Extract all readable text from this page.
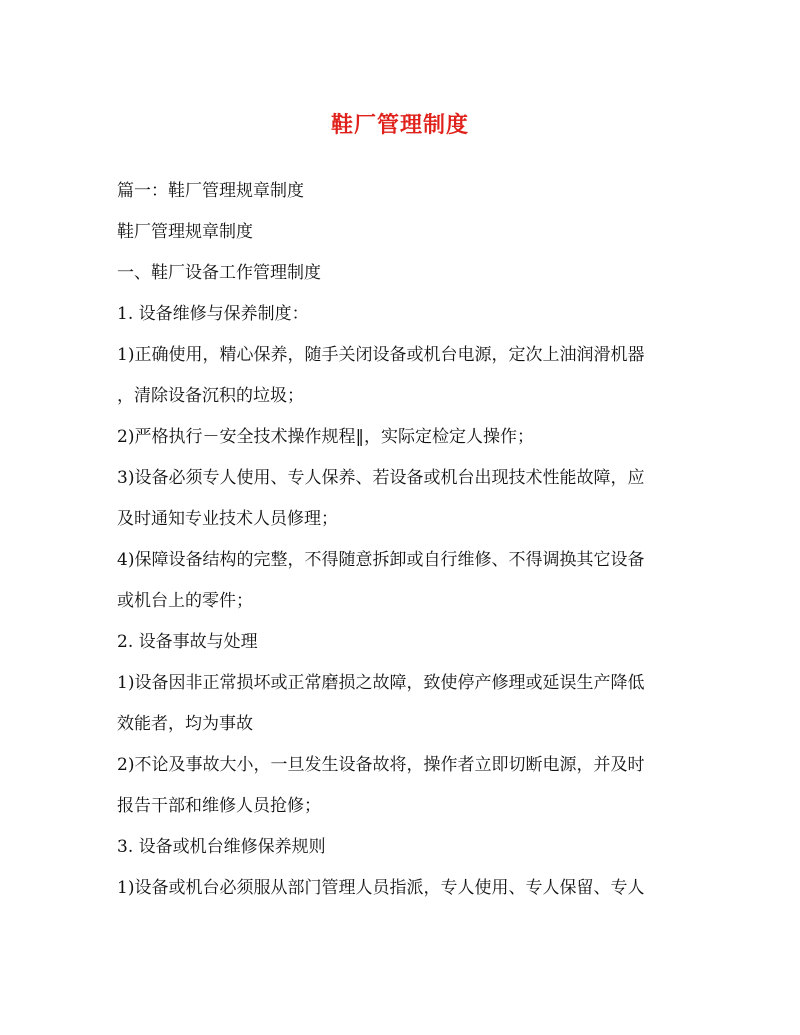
鞋厂管理制度
篇一：鞋厂管理规章制度
鞋厂管理规章制度
一、鞋厂设备工作管理制度
1. 设备维修与保养制度：
1)正确使用，精心保养，随手关闭设备或机台电源，定次上油润滑机器
，清除设备沉积的垃圾；
2)严格执行－安全技术操作规程‖，实际定检定人操作；
3)设备必须专人使用、专人保养、若设备或机台出现技术性能故障，应
及时通知专业技术人员修理；
4)保障设备结构的完整，不得随意拆卸或自行维修、不得调换其它设备
或机台上的零件；
2. 设备事故与处理
1)设备因非正常损坏或正常磨损之故障，致使停产修理或延误生产降低
效能者，均为事故
2)不论及事故大小，一旦发生设备故将，操作者立即切断电源，并及时
报告干部和维修人员抢修；
3. 设备或机台维修保养规则
1)设备或机台必须服从部门管理人员指派，专人使用、专人保留、专人
